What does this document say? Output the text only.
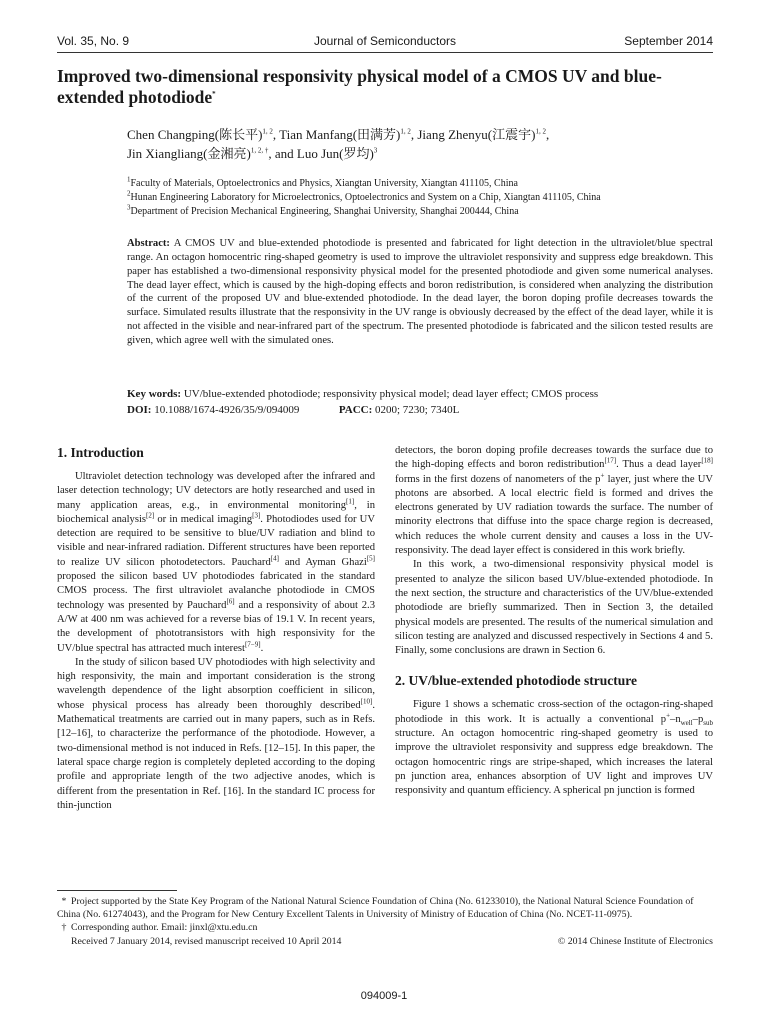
Vol. 35, No. 9	Journal of Semiconductors	September 2014
Improved two-dimensional responsivity physical model of a CMOS UV and blue-extended photodiode*
Chen Changping(陈长平)$^{1, 2}$, Tian Manfang(田满芳)$^{1, 2}$, Jiang Zhenyu(江震宇)$^{1, 2}$,
Jin Xiangliang(金湘亮)$^{1, 2, \dagger}$, and Luo Jun(罗均)$^3$
$^1$Faculty of Materials, Optoelectronics and Physics, Xiangtan University, Xiangtan 411105, China
$^2$Hunan Engineering Laboratory for Microelectronics, Optoelectronics and System on a Chip, Xiangtan 411105, China
$^3$Department of Precision Mechanical Engineering, Shanghai University, Shanghai 200444, China
Abstract: A CMOS UV and blue-extended photodiode is presented and fabricated for light detection in the ultraviolet/blue spectral range. An octagon homocentric ring-shaped geometry is used to improve the ultraviolet responsivity and suppress edge breakdown. This paper has established a two-dimensional responsivity physical model for the presented photodiode and given some numerical analyses. The dead layer effect, which is caused by the high-doping effects and boron redistribution, is considered when analyzing the distribution of the current of the proposed UV and blue-extended photodiode. In the dead layer, the boron doping profile decreases towards the surface. Simulated results illustrate that the responsivity in the UV range is obviously decreased by the effect of the dead layer, while it is not affected in the visible and near-infrared part of the spectrum. The presented photodiode is fabricated and the silicon tested results are given, which agree well with the simulated ones.
Key words: UV/blue-extended photodiode; responsivity physical model; dead layer effect; CMOS process
DOI: 10.1088/1674-4926/35/9/094009	PACC: 0200; 7230; 7340L
1. Introduction

Ultraviolet detection technology was developed after the infrared and laser detection technology; UV detectors are hotly researched and used in many application areas, e.g., in environmental monitoring[1], in biochemical analysis[2] or in medical imaging[3]. Photodiodes used for UV detection are required to be sensitive to blue/UV radiation and blind to visible and near-infrared radiation. Different structures have been reported to realize UV silicon photodetectors. Pauchard[4] and Ayman Ghazi[5] proposed the silicon based UV photodiodes fabricated in the standard CMOS process. The first ultraviolet avalanche photodiode in CMOS technology was presented by Pauchard[6] and a responsivity of about 2.3 A/W at 400 nm was achieved for a reverse bias of 19.1 V. In recent years, the development of phototransistors with high responsivity for the UV/blue spectral has attracted much interest[7−9].

In the study of silicon based UV photodiodes with high selectivity and high responsivity, the main and important consideration is the strong wavelength dependence of the light absorption coefficient in silicon, whose physical process has already been thoroughly described[10]. Mathematical treatments are carried out in many papers, such as in Refs. [12–16], to characterize the performance of the photodiode. However, a two-dimensional method is not induced in Refs. [12–15]. In this paper, the lateral space charge region is completely depleted according to the doping profile and appropriate length of the two adjective anodes, which is different from the presentation in Ref. [16]. In the standard IC process for thin-junction

detectors, the boron doping profile decreases towards the surface due to the high-doping effects and boron redistribution[17]. Thus a dead layer[18] forms in the first dozens of nanometers of the p+ layer, just where the UV photons are absorbed. A local electric field is formed and drives the electrons generated by UV radiation towards the surface. The number of minority electrons that diffuse into the space charge region is decreased, which reduces the whole current density and causes a loss in the UV-responsivity. The dead layer effect is considered in this work briefly.

In this work, a two-dimensional responsivity physical model is presented to analyze the silicon based UV/blue-extended photodiode. In the next section, the structure and characteristics of the UV/blue-extended photodiode are briefly summarized. Then in Section 3, the detailed physical models are presented. The results of the numerical simulation and silicon testing are analyzed and discussed respectively in Sections 4 and 5. Finally, some conclusions are drawn in Section 6.

2. UV/blue-extended photodiode structure

Figure 1 shows a schematic cross-section of the octagon-ring-shaped photodiode in this work. It is actually a conventional $p^+-n_{well}-p_{sub}$ structure. An octagon homocentric ring-shaped geometry is used to improve the ultraviolet responsivity and suppress edge breakdown. The octagon homocentric rings are stripe-shaped, which increases the lateral pn junction area, enhances absorption of UV light and improves UV responsivity and quantum efficiency. A spherical pn junction is formed

* Project supported by the State Key Program of the National Natural Science Foundation of China (No. 61233010), the National Natural Science Foundation of China (No. 61274043), and the Program for New Century Excellent Talents in University of Ministry of Education of China (No. NCET-11-0975).

† Corresponding author. Email: jinxl@xtu.edu.cn

Received 7 January 2014, revised manuscript received 10 April 2014	© 2014 Chinese Institute of Electronics

094009-1
